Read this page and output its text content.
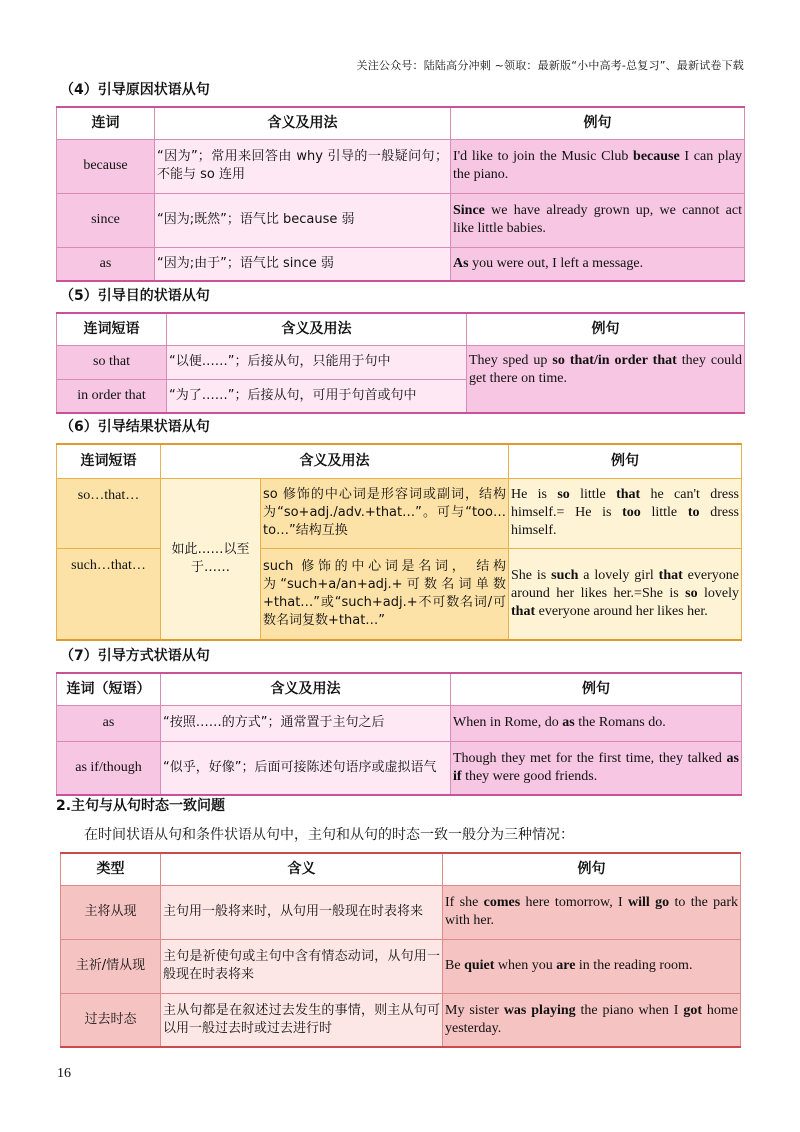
关注公众号：陆陆高分冲刺 ~领取：最新版“小中高考-总复习”、最新试卷下载
（4）引导原因状语从句
连词	含义及用法	例句
because	“因为”；常用来回答由 why 引导的一般疑问句；不能与 so 连用	I'd like to join the Music Club because I can play the piano.
since	“因为;既然”；语气比 because 弱	Since we have already grown up, we cannot act like little babies.
as	“因为;由于”；语气比 since 弱	As you were out, I left a message.
（5）引导目的状语从句
连词短语	含义及用法	例句
so that	“以便……”；后接从句，只能用于句中	They sped up so that/in order that they could get there on time.
in order that	“为了……”；后接从句，可用于句首或句中	
（6）引导结果状语从句
连词短语	含义及用法		例句
so…that…	如此……以至于……	so 修饰的中心词是形容词或副词，结构为“so+adj./adv.+that…”。可与“too…to…”结构互换	He is so little that he can't dress himself.= He is too little to dress himself.
such…that…		such 修饰的中心词是名词， 结构为“such+a/an+adj.+可数名词单数+that…”或“such+adj.+不可数名词/可数名词复数+that…”	She is such a lovely girl that everyone around her likes her.=She is so lovely that everyone around her likes her.
（7）引导方式状语从句
连词（短语）	含义及用法	例句
as	“按照……的方式”；通常置于主句之后	When in Rome, do as the Romans do.
as if/though	“似乎，好像”；后面可接陈述句语序或虚拟语气	Though they met for the first time, they talked as if they were good friends.
2.主句与从句时态一致问题
在时间状语从句和条件状语从句中，主句和从句的时态一致一般分为三种情况：
类型	含义	例句
主将从现	主句用一般将来时，从句用一般现在时表将来	If she comes here tomorrow, I will go to the park with her.
主祈/情从现	主句是祈使句或主句中含有情态动词，从句用一般现在时表将来	Be quiet when you are in the reading room.
过去时态	主从句都是在叙述过去发生的事情，则主从句可以用一般过去时或过去进行时	My sister was playing the piano when I got home yesterday.
16
